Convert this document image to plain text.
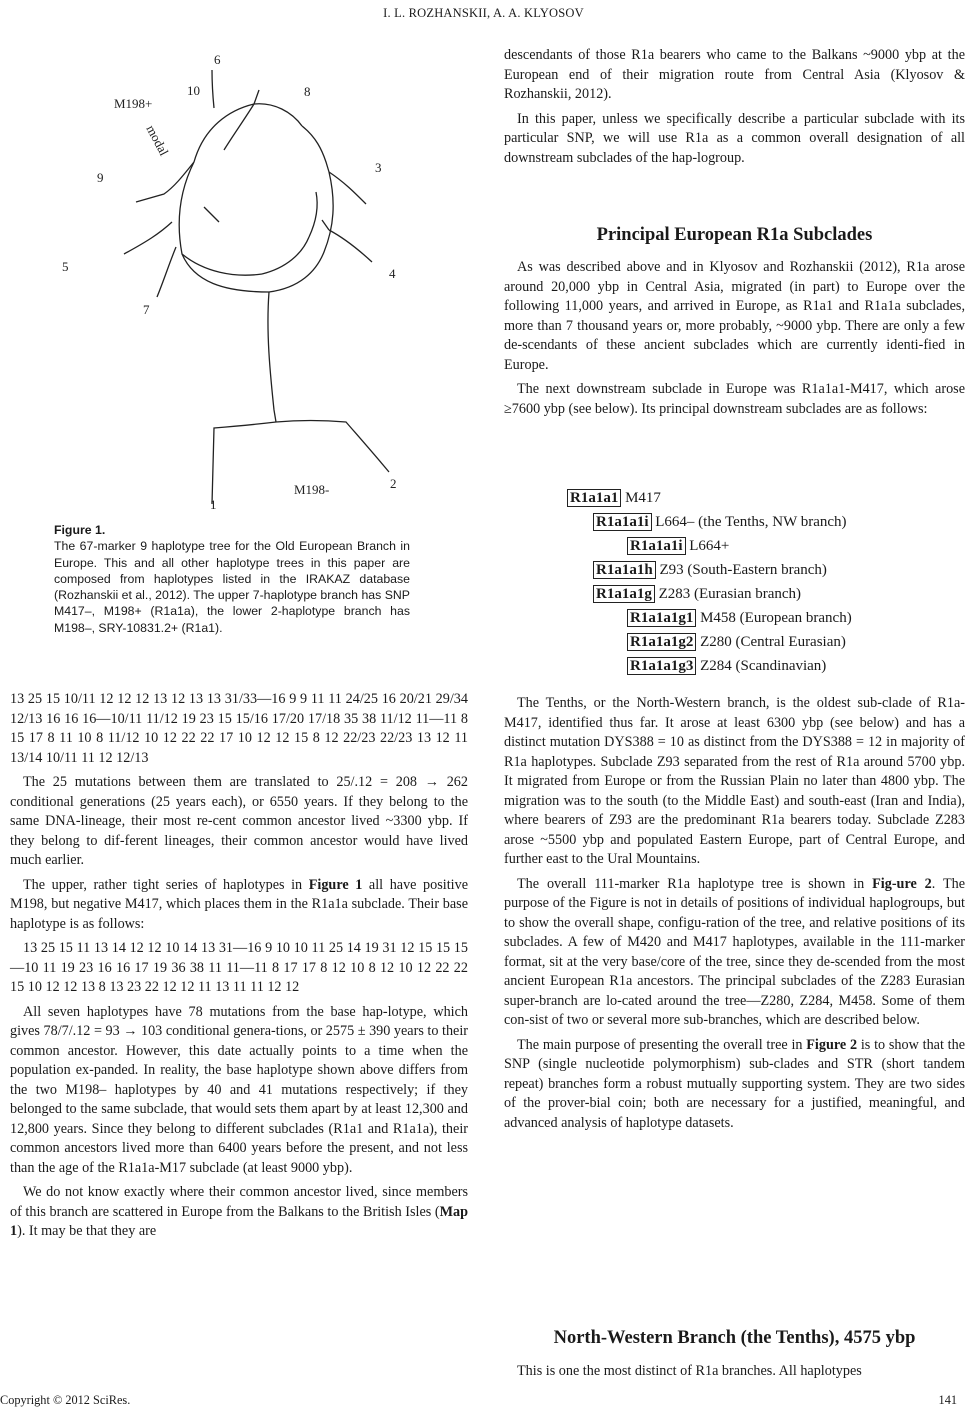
I. L. ROZHANSKII, A. A. KLYOSOV
6
10	8
3
9
5	4
7
2
1
M198+
M198-
modal
Figure 1.
The 67-marker 9 haplotype tree for the Old European Branch in Europe. This and all other haplotype trees in this paper are composed from haplotypes listed in the IRAKAZ database (Rozhanskii et al., 2012). The upper 7-haplotype branch has SNP M417–, M198+ (R1a1a), the lower 2-haplotype branch has M198–, SRY-10831.2+ (R1a1).

13 25 15 10/11 12 12 12 13 12 13 13 31/33—16 9 9 11 11 24/25 16 20/21 29/34 12/13 16 16 16—10/11 11/12 19 23 15 15/16 17/20 17/18 35 38 11/12 11—11 8 15 17 8 11 10 8 11/12 10 12 22 22 17 10 12 12 15 8 12 22/23 22/23 13 12 11 13/14 10/11 11 12 12/13

The 25 mutations between them are translated to 25/.12 = 208 → 262 conditional generations (25 years each), or 6550 years. If they belong to the same DNA-lineage, their most re-cent common ancestor lived ~3300 ybp. If they belong to dif-ferent lineages, their common ancestor would have lived much earlier.

The upper, rather tight series of haplotypes in Figure 1 all have positive M198, but negative M417, which places them in the R1a1a subclade. Their base haplotype is as follows:

13 25 15 11 13 14 12 12 10 14 13 31—16 9 10 10 11 25 14 19 31 12 15 15 15—10 11 19 23 16 16 17 19 36 38 11 11—11 8 17 17 8 12 10 8 12 10 12 22 22 15 10 12 12 13 8 13 23 22 12 12 11 13 11 11 12 12

All seven haplotypes have 78 mutations from the base hap-lotype, which gives 78/7/.12 = 93 → 103 conditional genera-tions, or 2575 ± 390 years to their common ancestor. However, this date actually points to a time when the population ex-panded. In reality, the base haplotype shown above differs from the two M198– haplotypes by 40 and 41 mutations respectively; if they belonged to the same subclade, that would sets them apart by at least 12,300 and 12,800 years. Since they belong to different subclades (R1a1 and R1a1a), their common ancestors lived more than 6400 years before the present, and not less than the age of the R1a1a-M17 subclade (at least 9000 ybp).

We do not know exactly where their common ancestor lived, since members of this branch are scattered in Europe from the Balkans to the British Isles (Map 1). It may be that they are

descendants of those R1a bearers who came to the Balkans ~9000 ybp at the European end of their migration route from Central Asia (Klyosov & Rozhanskii, 2012).

In this paper, unless we specifically describe a particular subclade with its particular SNP, we will use R1a as a common overall designation of all downstream subclades of the hap-logroup.

Principal European R1a Subclades

As was described above and in Klyosov and Rozhanskii (2012), R1a arose around 20,000 ybp in Central Asia, migrated (in part) to Europe over the following 11,000 years, and arrived in Europe, as R1a1 and R1a1a subclades, more than 7 thousand years or, more probably, ~9000 ybp. There are only a few de-scendants of these ancient subclades which are currently identi-fied in Europe.

The next downstream subclade in Europe was R1a1a1-M417, which arose ≥7600 ybp (see below). Its principal downstream subclades are as follows:

R1a1a1 M417
R1a1a1i L664– (the Tenths, NW branch)
R1a1a1i L664+
R1a1a1h Z93 (South-Eastern branch)
R1a1a1g Z283 (Eurasian branch)
R1a1a1g1 M458 (European branch)
R1a1a1g2 Z280 (Central Eurasian)
R1a1a1g3 Z284 (Scandinavian)

The Tenths, or the North-Western branch, is the oldest sub-clade of R1a-M417, identified thus far. It arose at least 6300 ybp (see below) and has a distinct mutation DYS388 = 10 as distinct from the DYS388 = 12 in majority of R1a haplotypes. Subclade Z93 separated from the rest of R1a around 5700 ybp. It migrated from Europe or from the Russian Plain no later than 4800 ybp. The migration was to the south (to the Middle East) and south-east (Iran and India), where bearers of Z93 are the predominant R1a bearers today. Subclade Z283 arose ~5500 ybp and populated Eastern Europe, part of Central Europe, and further east to the Ural Mountains.

The overall 111-marker R1a haplotype tree is shown in Fig-ure 2. The purpose of the Figure is not in details of positions of individual haplogroups, but to show the overall shape, configu-ration of the tree, and relative positions of its subclades. A few of M420 and M417 haplotypes, available in the 111-marker format, sit at the very base/core of the tree, since they de-scended from the most ancient European R1a ancestors. The principal subclades of the Z283 Eurasian super-branch are lo-cated around the tree—Z280, Z284, M458. Some of them con-sist of two or several more sub-branches, which are described below.

The main purpose of presenting the overall tree in Figure 2 is to show that the SNP (single nucleotide polymorphism) sub-clades and STR (short tandem repeat) branches form a robust mutually supporting system. They are two sides of the prover-bial coin; both are necessary for a justified, meaningful, and advanced analysis of haplotype datasets.

North-Western Branch (the Tenths), 4575 ybp

This is one the most distinct of R1a branches. All haplotypes

Copyright © 2012 SciRes.	141
